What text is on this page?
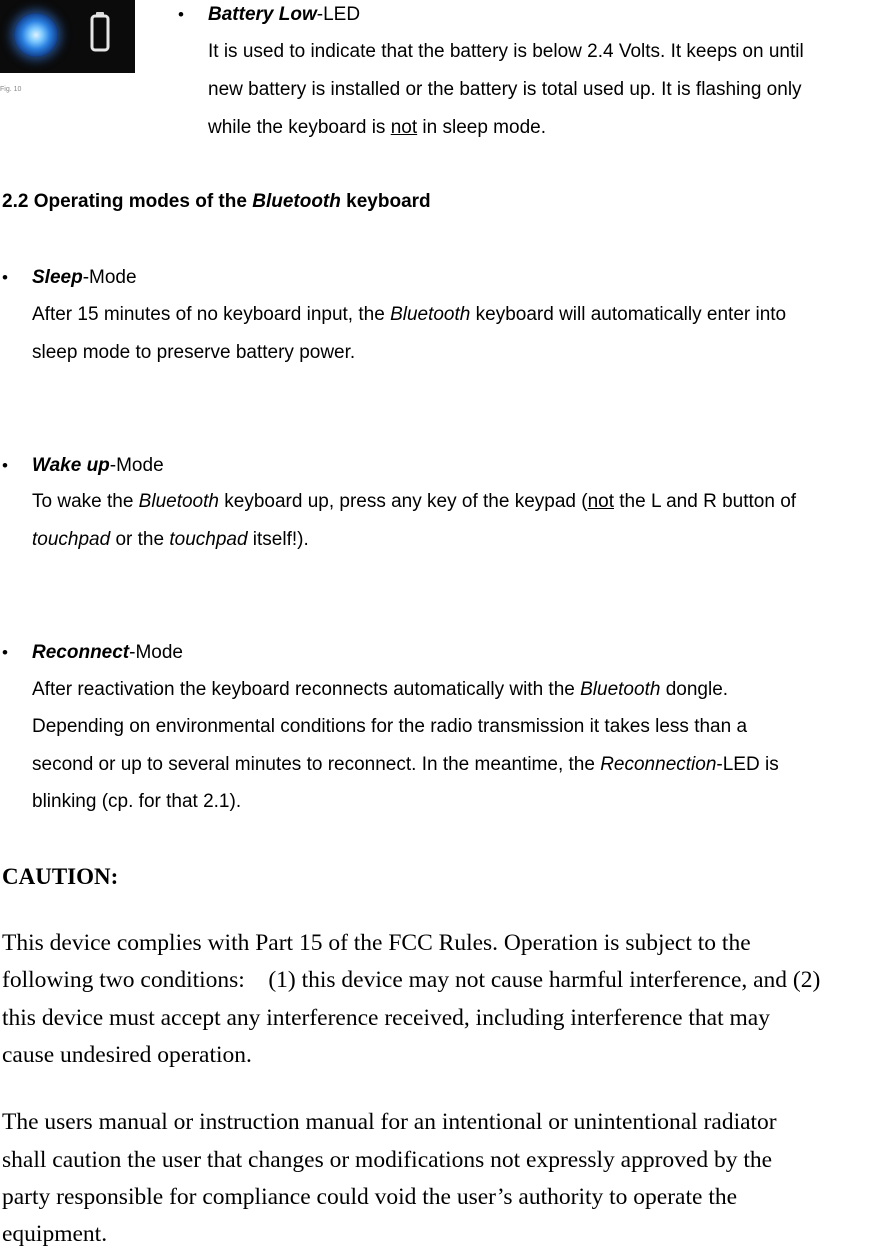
Fig. 10
• Battery Low-LED
It is used to indicate that the battery is below 2.4 Volts. It keeps on until
new battery is installed or the battery is total used up. It is flashing only
while the keyboard is not in sleep mode.
2.2 Operating modes of the Bluetooth keyboard
• Sleep-Mode
After 15 minutes of no keyboard input, the Bluetooth keyboard will automatically enter into
sleep mode to preserve battery power.
• Wake up-Mode
To wake the Bluetooth keyboard up, press any key of the keypad (not the L and R button of
touchpad or the touchpad itself!).
• Reconnect-Mode
After reactivation the keyboard reconnects automatically with the Bluetooth dongle.
Depending on environmental conditions for the radio transmission it takes less than a
second or up to several minutes to reconnect. In the meantime, the Reconnection-LED is
blinking (cp. for that 2.1).
CAUTION:
This device complies with Part 15 of the FCC Rules. Operation is subject to the
following two conditions:    (1) this device may not cause harmful interference, and (2)
this device must accept any interference received, including interference that may
cause undesired operation.
The users manual or instruction manual for an intentional or unintentional radiator
shall caution the user that changes or modifications not expressly approved by the
party responsible for compliance could void the user’s authority to operate the
equipment.
